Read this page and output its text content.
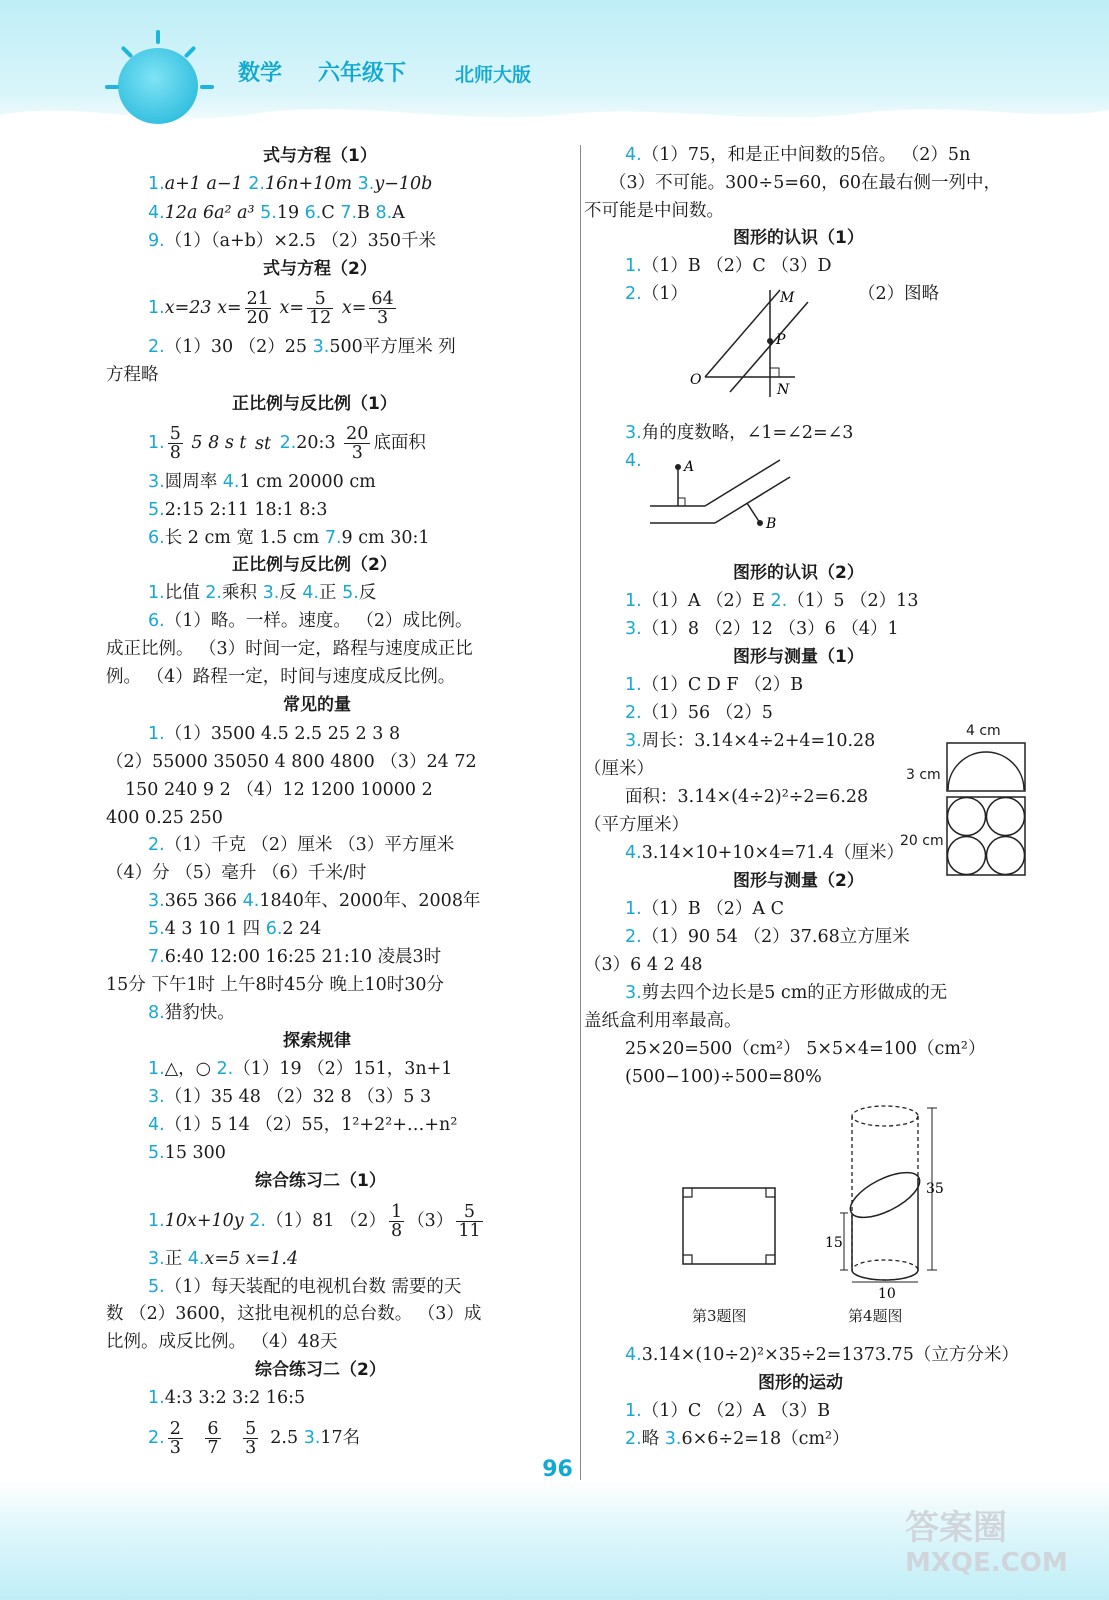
数学 六年级下	北师大版
式与方程（1）
1.a+1 a−1 2.16n+10m 3.y−10b
4.12a 6a² a³ 5.19 6.C 7.B 8.A
9.（1）（a+b）×2.5 （2）350千米
式与方程（2）
1.x=23 $x= \frac{21}{20} x= \frac{5}{12} x= \frac{64}{3}$
2.（1）30 （2）25 3.500平方厘米 列
方程略
正比例与反比例（1）
1. $\frac{5}{8} 5$ 8 s t st 2.20:3 $\frac{20}{3}$ 底面积
3.圆周率 4.1 cm 20000 cm
5.2:15 2:11 18:1 8:3
6.长 2 cm 宽 1.5 cm 7.9 cm 30:1
正比例与反比例（2）
1.比值 2.乘积 3.反 4.正 5.反
6.（1）略。一样。速度。 （2）成比例。
成正比例。 （3）时间一定，路程与速度成正比
例。 （4）路程一定，时间与速度成反比例。
常见的量
1.（1）3500 4.5 2.5 25 2 3 8
（2）55000 35050 4 800 4800 （3）24 72
150 240 9 2 （4）12 1200 10000 2
400 0.25 250
2.（1）千克 （2）厘米 （3）平方厘米
（4）分 （5）毫升 （6）千米/时
3.365 366 4.1840年、2000年、2008年
5.4 3 10 1 四 6.2 24
7.6:40 12:00 16:25 21:10 凌晨3时
15分 下午1时 上午8时45分 晚上10时30分
8.猎豹快。
探索规律
1.△，○ 2.（1）19 （2）151，3n+1
3.（1）35 48 （2）32 8 （3）5 3
4.（1）5 14 （2）55，1²+2²+…+n²
5.15 300
综合练习二（1）
1.10x+10y 2.（1）81 $(2) \frac{1}{8} (3) \frac{5}{11}$
3.正 4.x=5 x=1.4
5.（1）每天装配的电视机台数 需要的天
数 （2）3600，这批电视机的总台数。 （3）成
比例。成反比例。 （4）48天
综合练习二（2）
1.4:3 3:2 3:2 16:5
2. $\frac{2}{3}$
$\frac{6}{7}$
$\frac{5}{3} 2.5$ 3.17名
4.（1）75，和是正中间数的5倍。 （2）5n
（3）不可能。300÷5=60，60在最右侧一列中，
不可能是中间数。
图形的认识（1）
1.（1）B （2）C （3）D
2.（1）	（2）图略
M
P
O
N
3.角的度数略，∠1=∠2=∠3
4.	A
B
图形的认识（2）
1.（1）A （2）E 2.（1）5 （2）13
3.（1）8 （2）12 （3）6 （4）1
图形与测量（1）
1.（1）C D F （2）B
2.（1）56 （2）5
3.周长：3.14×4÷2+4=10.28
（厘米）
面积：3.14×(4÷2)²÷2=6.28
（平方厘米）
4.3.14×10+10×4=71.4（厘米）
4 cm
3 cm
20 cm
图形与测量（2）
1.（1）B （2）A C
2.（1）90 54 （2）37.68立方厘米
（3）6 4 2 48
3.剪去四个边长是5 cm的正方形做成的无
盖纸盒利用率最高。
25×20=500（cm²） 5×5×4=100（cm²）
(500−100)÷500=80%
第3题图
35
15
10
第4题图
4.3.14×(10÷2)²×35÷2=1373.75（立方分米）
图形的运动
1.（1）C （2）A （3）B
2.略 3.6×6÷2=18（cm²）
96
答案圈
MXQE.COM
